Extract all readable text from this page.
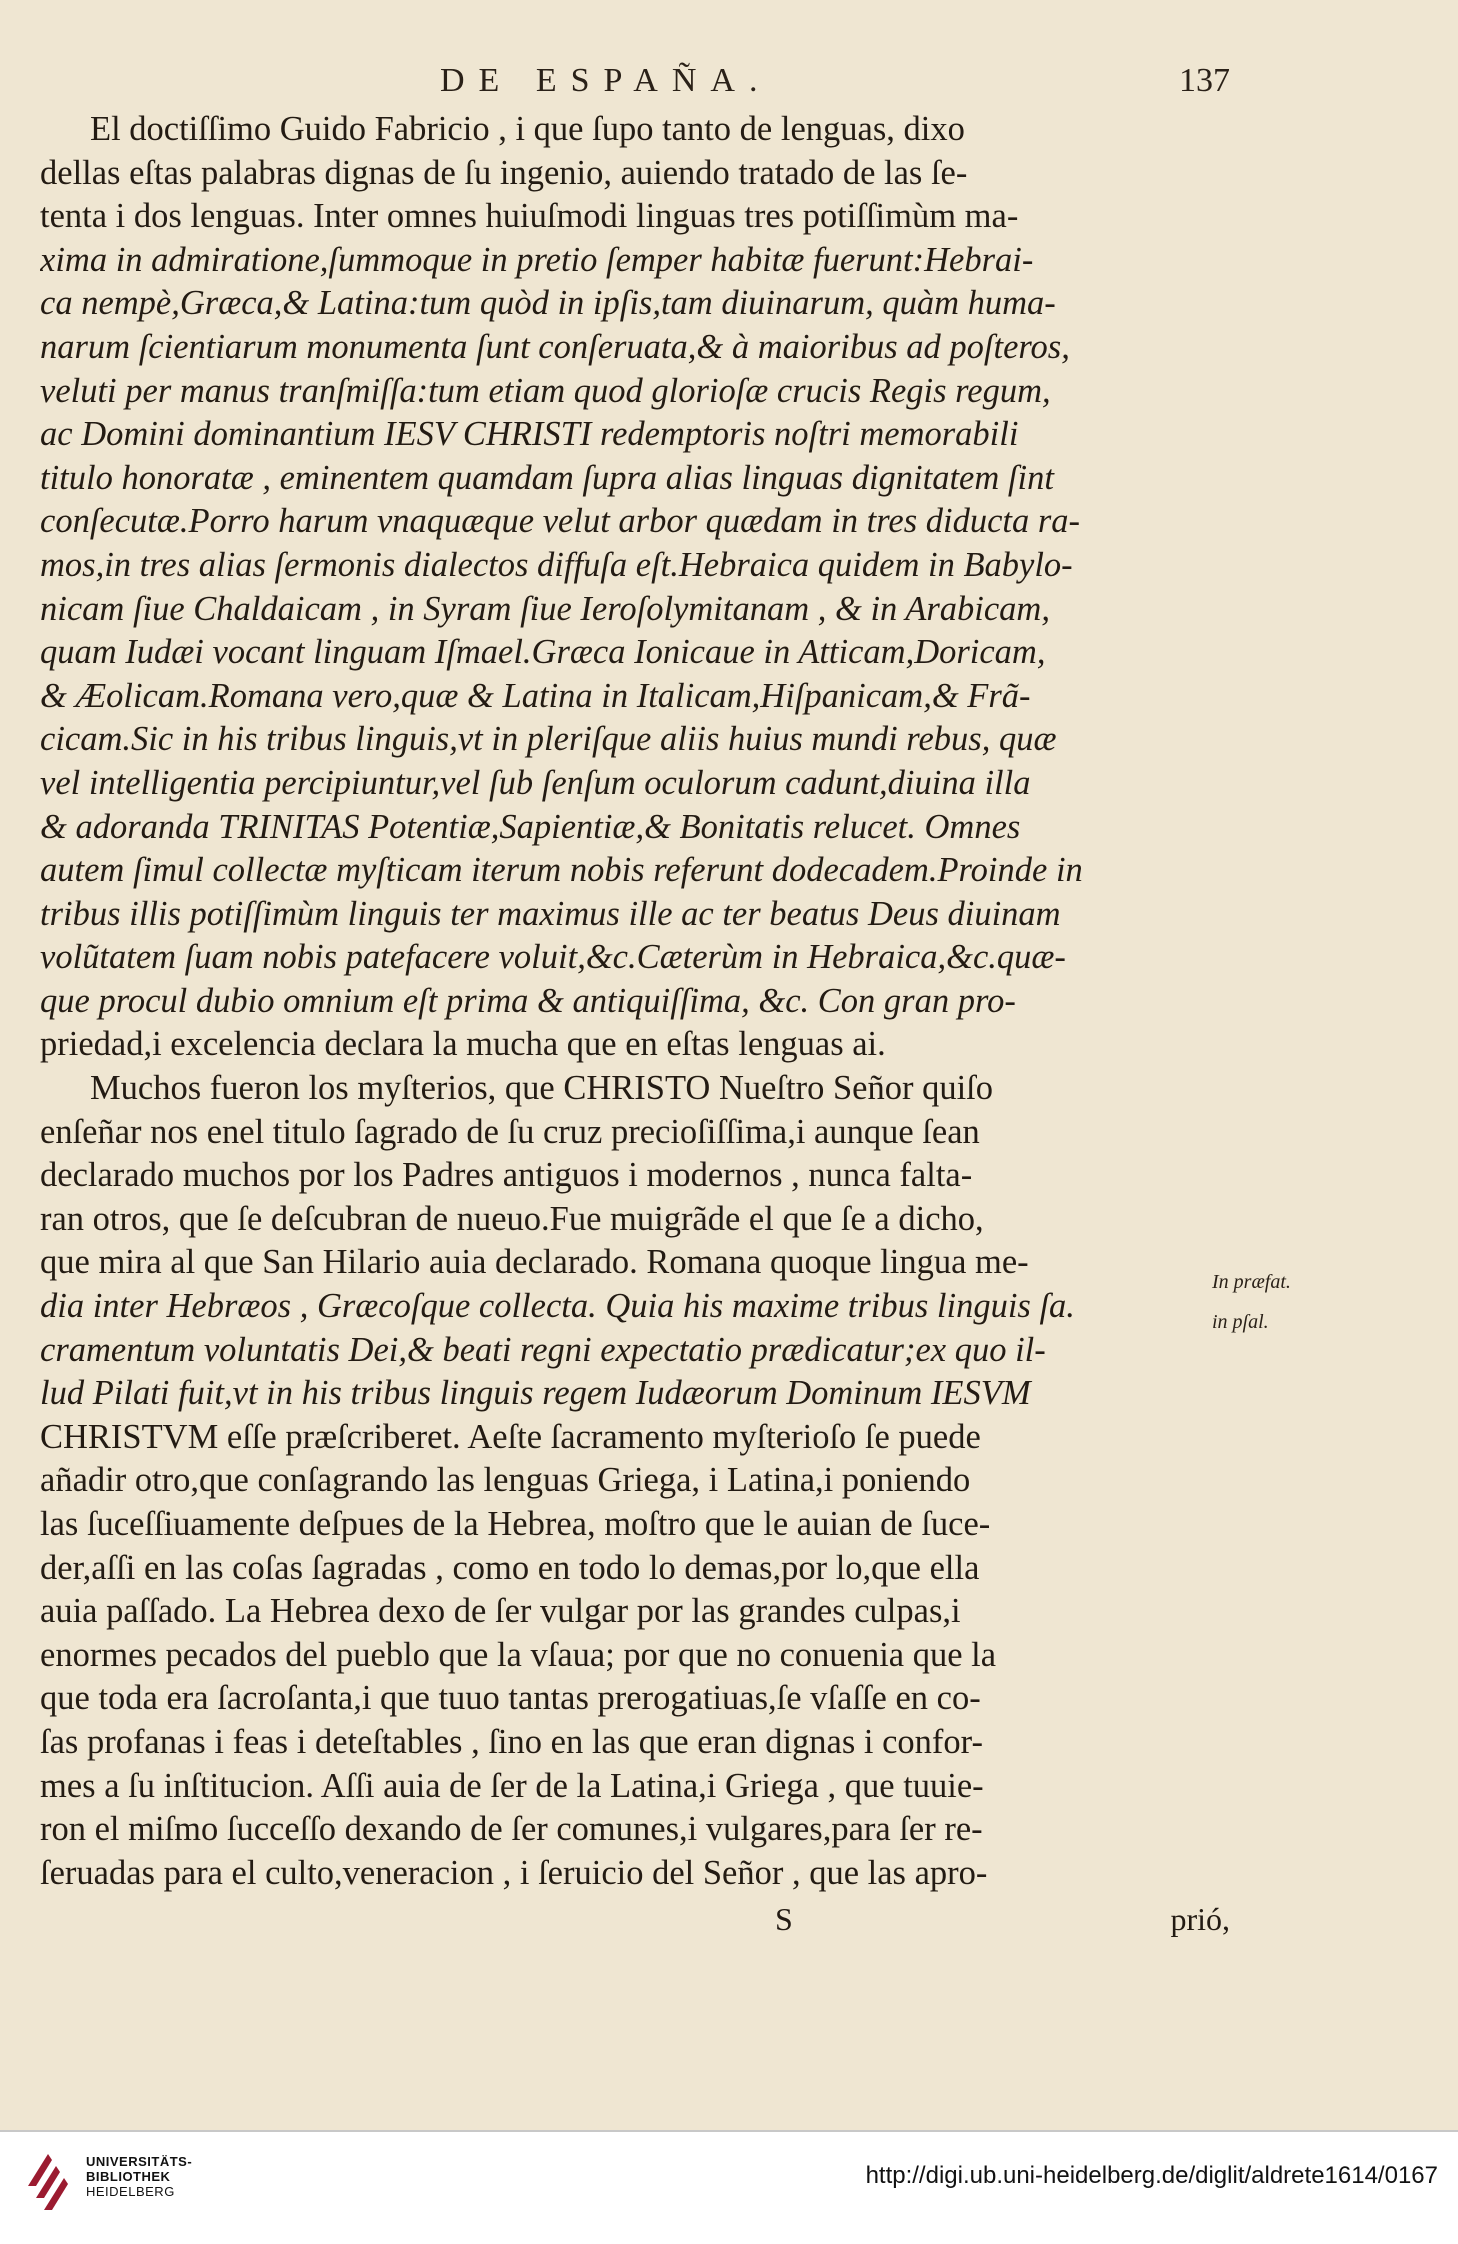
DE ESPAÑA.	137
El doctiſſimo Guido Fabricio , i que ſupo tanto de lenguas, dixo
dellas eſtas palabras dignas de ſu ingenio, auiendo tratado de las ſe-
tenta i dos lenguas. Inter omnes huiuſmodi linguas tres potiſſimùm ma-
xima in admiratione,ſummoque in pretio ſemper habitæ fuerunt:Hebrai-
ca nempè,Græca,& Latina:tum quòd in ipſis,tam diuinarum, quàm huma-
narum ſcientiarum monumenta ſunt conſeruata,& à maioribus ad poſteros,
veluti per manus tranſmiſſa:tum etiam quod glorioſæ crucis Regis regum,
ac Domini dominantium IESV CHRISTI redemptoris noſtri memorabili
titulo honoratæ , eminentem quamdam ſupra alias linguas dignitatem ſint
conſecutæ.Porro harum vnaquæque velut arbor quædam in tres diducta ra-
mos,in tres alias ſermonis dialectos diffuſa eſt.Hebraica quidem in Babylo-
nicam ſiue Chaldaicam , in Syram ſiue Ieroſolymitanam , & in Arabicam,
quam Iudæi vocant linguam Iſmael.Græca Ionicaue in Atticam,Doricam,
& Æolicam.Romana vero,quæ & Latina in Italicam,Hiſpanicam,& Frã-
cicam.Sic in his tribus linguis,vt in pleriſque aliis huius mundi rebus, quæ
vel intelligentia percipiuntur,vel ſub ſenſum oculorum cadunt,diuina illa
& adoranda TRINITAS Potentiæ,Sapientiæ,& Bonitatis relucet. Omnes
autem ſimul collectæ myſticam iterum nobis referunt dodecadem.Proinde in
tribus illis potiſſimùm linguis ter maximus ille ac ter beatus Deus diuinam
volũtatem ſuam nobis patefacere voluit,&c.Cæterùm in Hebraica,&c.quæ-
que procul dubio omnium eſt prima & antiquiſſima, &c. Con gran pro-
priedad,i excelencia declara la mucha que en eſtas lenguas ai.
Muchos fueron los myſterios, que CHRISTO Nueſtro Señor quiſo
enſeñar nos enel titulo ſagrado de ſu cruz precioſiſſima,i aunque ſean
declarado muchos por los Padres antiguos i modernos , nunca falta-
ran otros, que ſe deſcubran de nueuo.Fue muigrãde el que ſe a dicho,
que mira al que San Hilario auia declarado. Romana quoque lingua me-
dia inter Hebræos , Græcoſque collecta. Quia his maxime tribus linguis ſa.
cramentum voluntatis Dei,& beati regni expectatio prædicatur;ex quo il-
lud Pilati fuit,vt in his tribus linguis regem Iudæorum Dominum IESVM
CHRISTVM eſſe præſcriberet. Aeſte ſacramento myſterioſo ſe puede
añadir otro,que conſagrando las lenguas Griega, i Latina,i poniendo
las ſuceſſiuamente deſpues de la Hebrea, moſtro que le auian de ſuce-
der,aſſi en las coſas ſagradas , como en todo lo demas,por lo,que ella
auia paſſado. La Hebrea dexo de ſer vulgar por las grandes culpas,i
enormes pecados del pueblo que la vſaua; por que no conuenia que la
que toda era ſacroſanta,i que tuuo tantas prerogatiuas,ſe vſaſſe en co-
ſas profanas i feas i deteſtables , ſino en las que eran dignas i confor-
mes a ſu inſtitucion. Aſſi auia de ſer de la Latina,i Griega , que tuuie-
ron el miſmo ſucceſſo dexando de ſer comunes,i vulgares,para ſer re-
ſeruadas para el culto,veneracion , i ſeruicio del Señor , que las apro-
S	prió,
In præfat.
in pſal.
UNIVERSITÄTS-
BIBLIOTHEK
HEIDELBERG
http://digi.ub.uni-heidelberg.de/diglit/aldrete1614/0167
